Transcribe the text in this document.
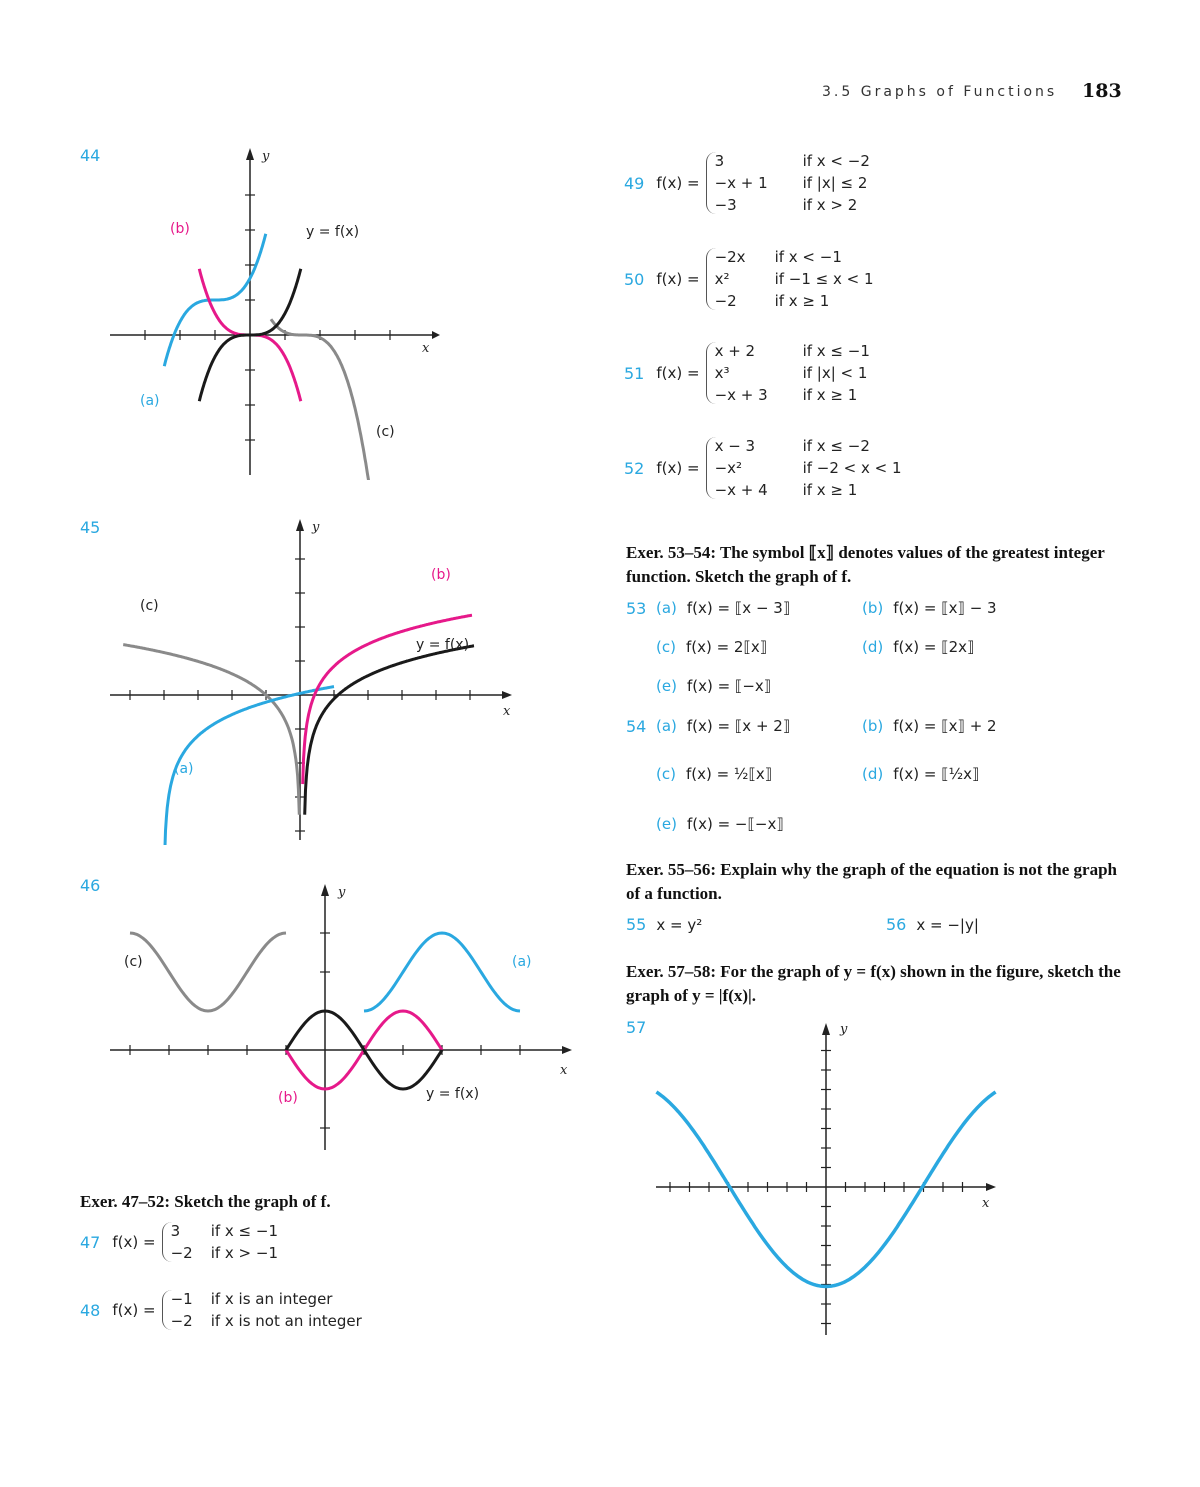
3.5 Graphs of Functions 183
44	y
x
y = f(x)
(b)
(a)
(c)
45	y
x
y = f(x)
(b)
(c)
(a)
46	y
x
(c)	(a)
(b)	y = f(x)
Exer. 47–52: Sketch the graph of f.
47 f(x) =
3	if x ≤ −1
−2 if x > −1
48 f(x) =
−1 if x is an integer
−2 if x is not an integer
49 f(x) =
3	if x < −2
−x + 1	if |x| ≤ 2
−3	if x > 2
50 f(x) =
−2x	if x < −1
x²	if −1 ≤ x < 1
−2	if x ≥ 1
51 f(x) =
x + 2	if x ≤ −1
x³	if |x| < 1
−x + 3	if x ≥ 1
52 f(x) =
x − 3	if x ≤ −2
−x²	if −2 < x < 1
−x + 4	if x ≥ 1
Exer. 53–54: The symbol ⟦x⟧ denotes values of the greatest integer function. Sketch the graph of f.
53 (a) f(x) = ⟦x − 3⟧	(b) f(x) = ⟦x⟧ − 3
(c) f(x) = 2⟦x⟧	(d) f(x) = ⟦2x⟧
(e) f(x) = ⟦−x⟧
54 (a) f(x) = ⟦x + 2⟧	(b) f(x) = ⟦x⟧ + 2
(c) f(x) = ½⟦x⟧	(d) f(x) = ⟦½x⟧
(e) f(x) = −⟦−x⟧
Exer. 55–56: Explain why the graph of the equation is not the graph of a function.
55 x = y²	56 x = −|y|
Exer. 57–58: For the graph of y = f(x) shown in the figure, sketch the graph of y = |f(x)|.
57	y
x
